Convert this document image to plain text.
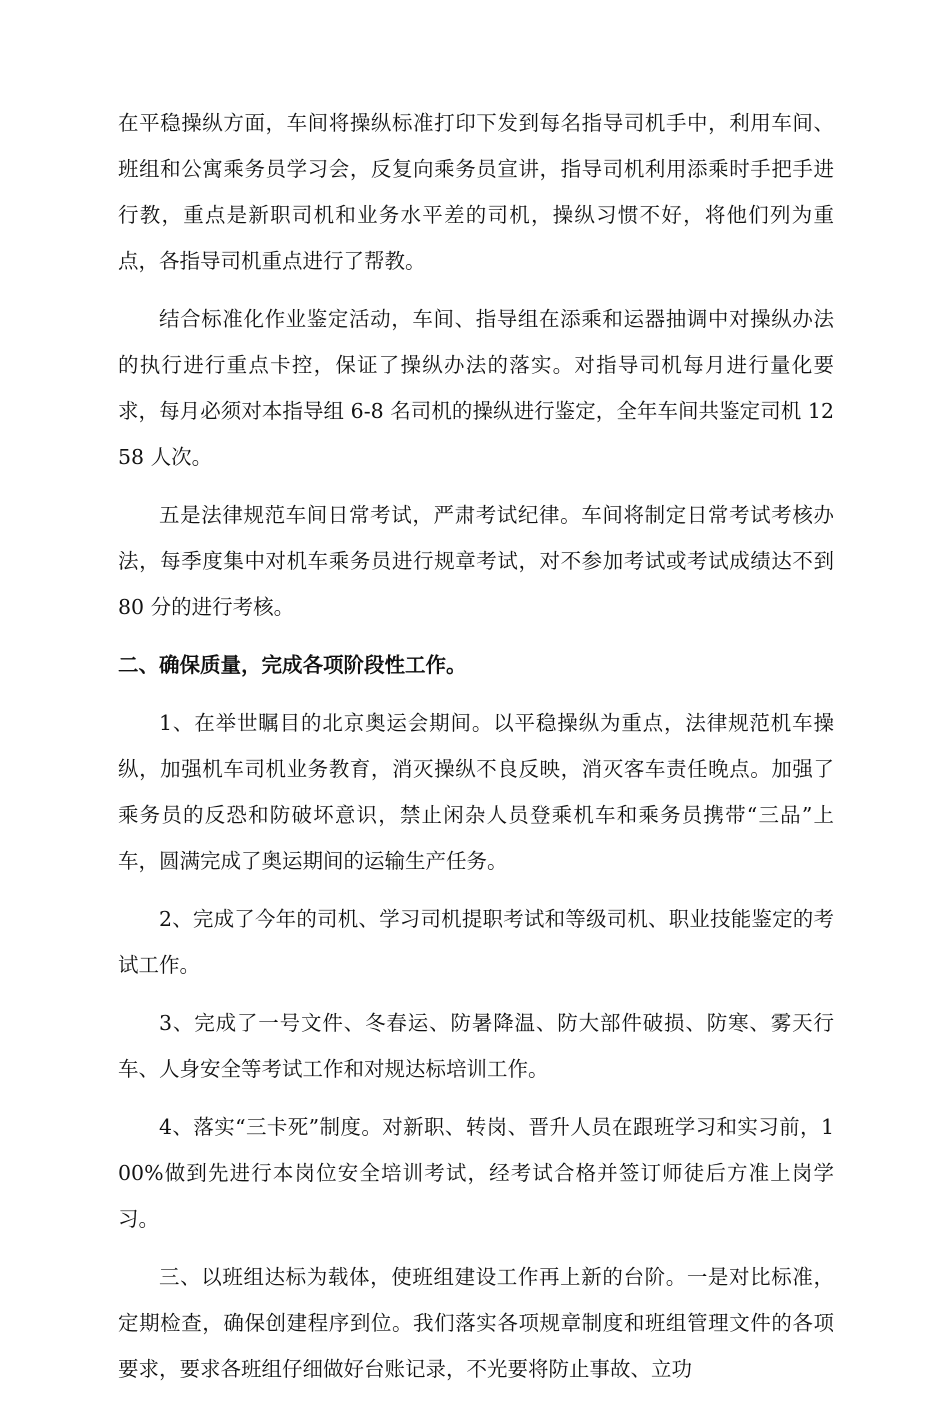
在平稳操纵方面，车间将操纵标准打印下发到每名指导司机手中，利用车间、班组和公寓乘务员学习会，反复向乘务员宣讲，指导司机利用添乘时手把手进行教，重点是新职司机和业务水平差的司机，操纵习惯不好，将他们列为重点，各指导司机重点进行了帮教。

结合标准化作业鉴定活动，车间、指导组在添乘和运器抽调中对操纵办法的执行进行重点卡控，保证了操纵办法的落实。对指导司机每月进行量化要求，每月必须对本指导组 6-8 名司机的操纵进行鉴定，全年车间共鉴定司机 1258 人次。

五是法律规范车间日常考试，严肃考试纪律。车间将制定日常考试考核办法，每季度集中对机车乘务员进行规章考试，对不参加考试或考试成绩达不到 80 分的进行考核。

二、确保质量，完成各项阶段性工作。

1、在举世瞩目的北京奥运会期间。以平稳操纵为重点，法律规范机车操纵，加强机车司机业务教育，消灭操纵不良反映，消灭客车责任晚点。加强了乘务员的反恐和防破坏意识，禁止闲杂人员登乘机车和乘务员携带“三品”上车，圆满完成了奥运期间的运输生产任务。

2、完成了今年的司机、学习司机提职考试和等级司机、职业技能鉴定的考试工作。

3、完成了一号文件、冬春运、防暑降温、防大部件破损、防寒、雾天行车、人身安全等考试工作和对规达标培训工作。

4、落实“三卡死”制度。对新职、转岗、晋升人员在跟班学习和实习前，100%做到先进行本岗位安全培训考试，经考试合格并签订师徒后方准上岗学习。

三、以班组达标为载体，使班组建设工作再上新的台阶。一是对比标准，定期检查，确保创建程序到位。我们落实各项规章制度和班组管理文件的各项要求，要求各班组仔细做好台账记录，不光要将防止事故、立功
